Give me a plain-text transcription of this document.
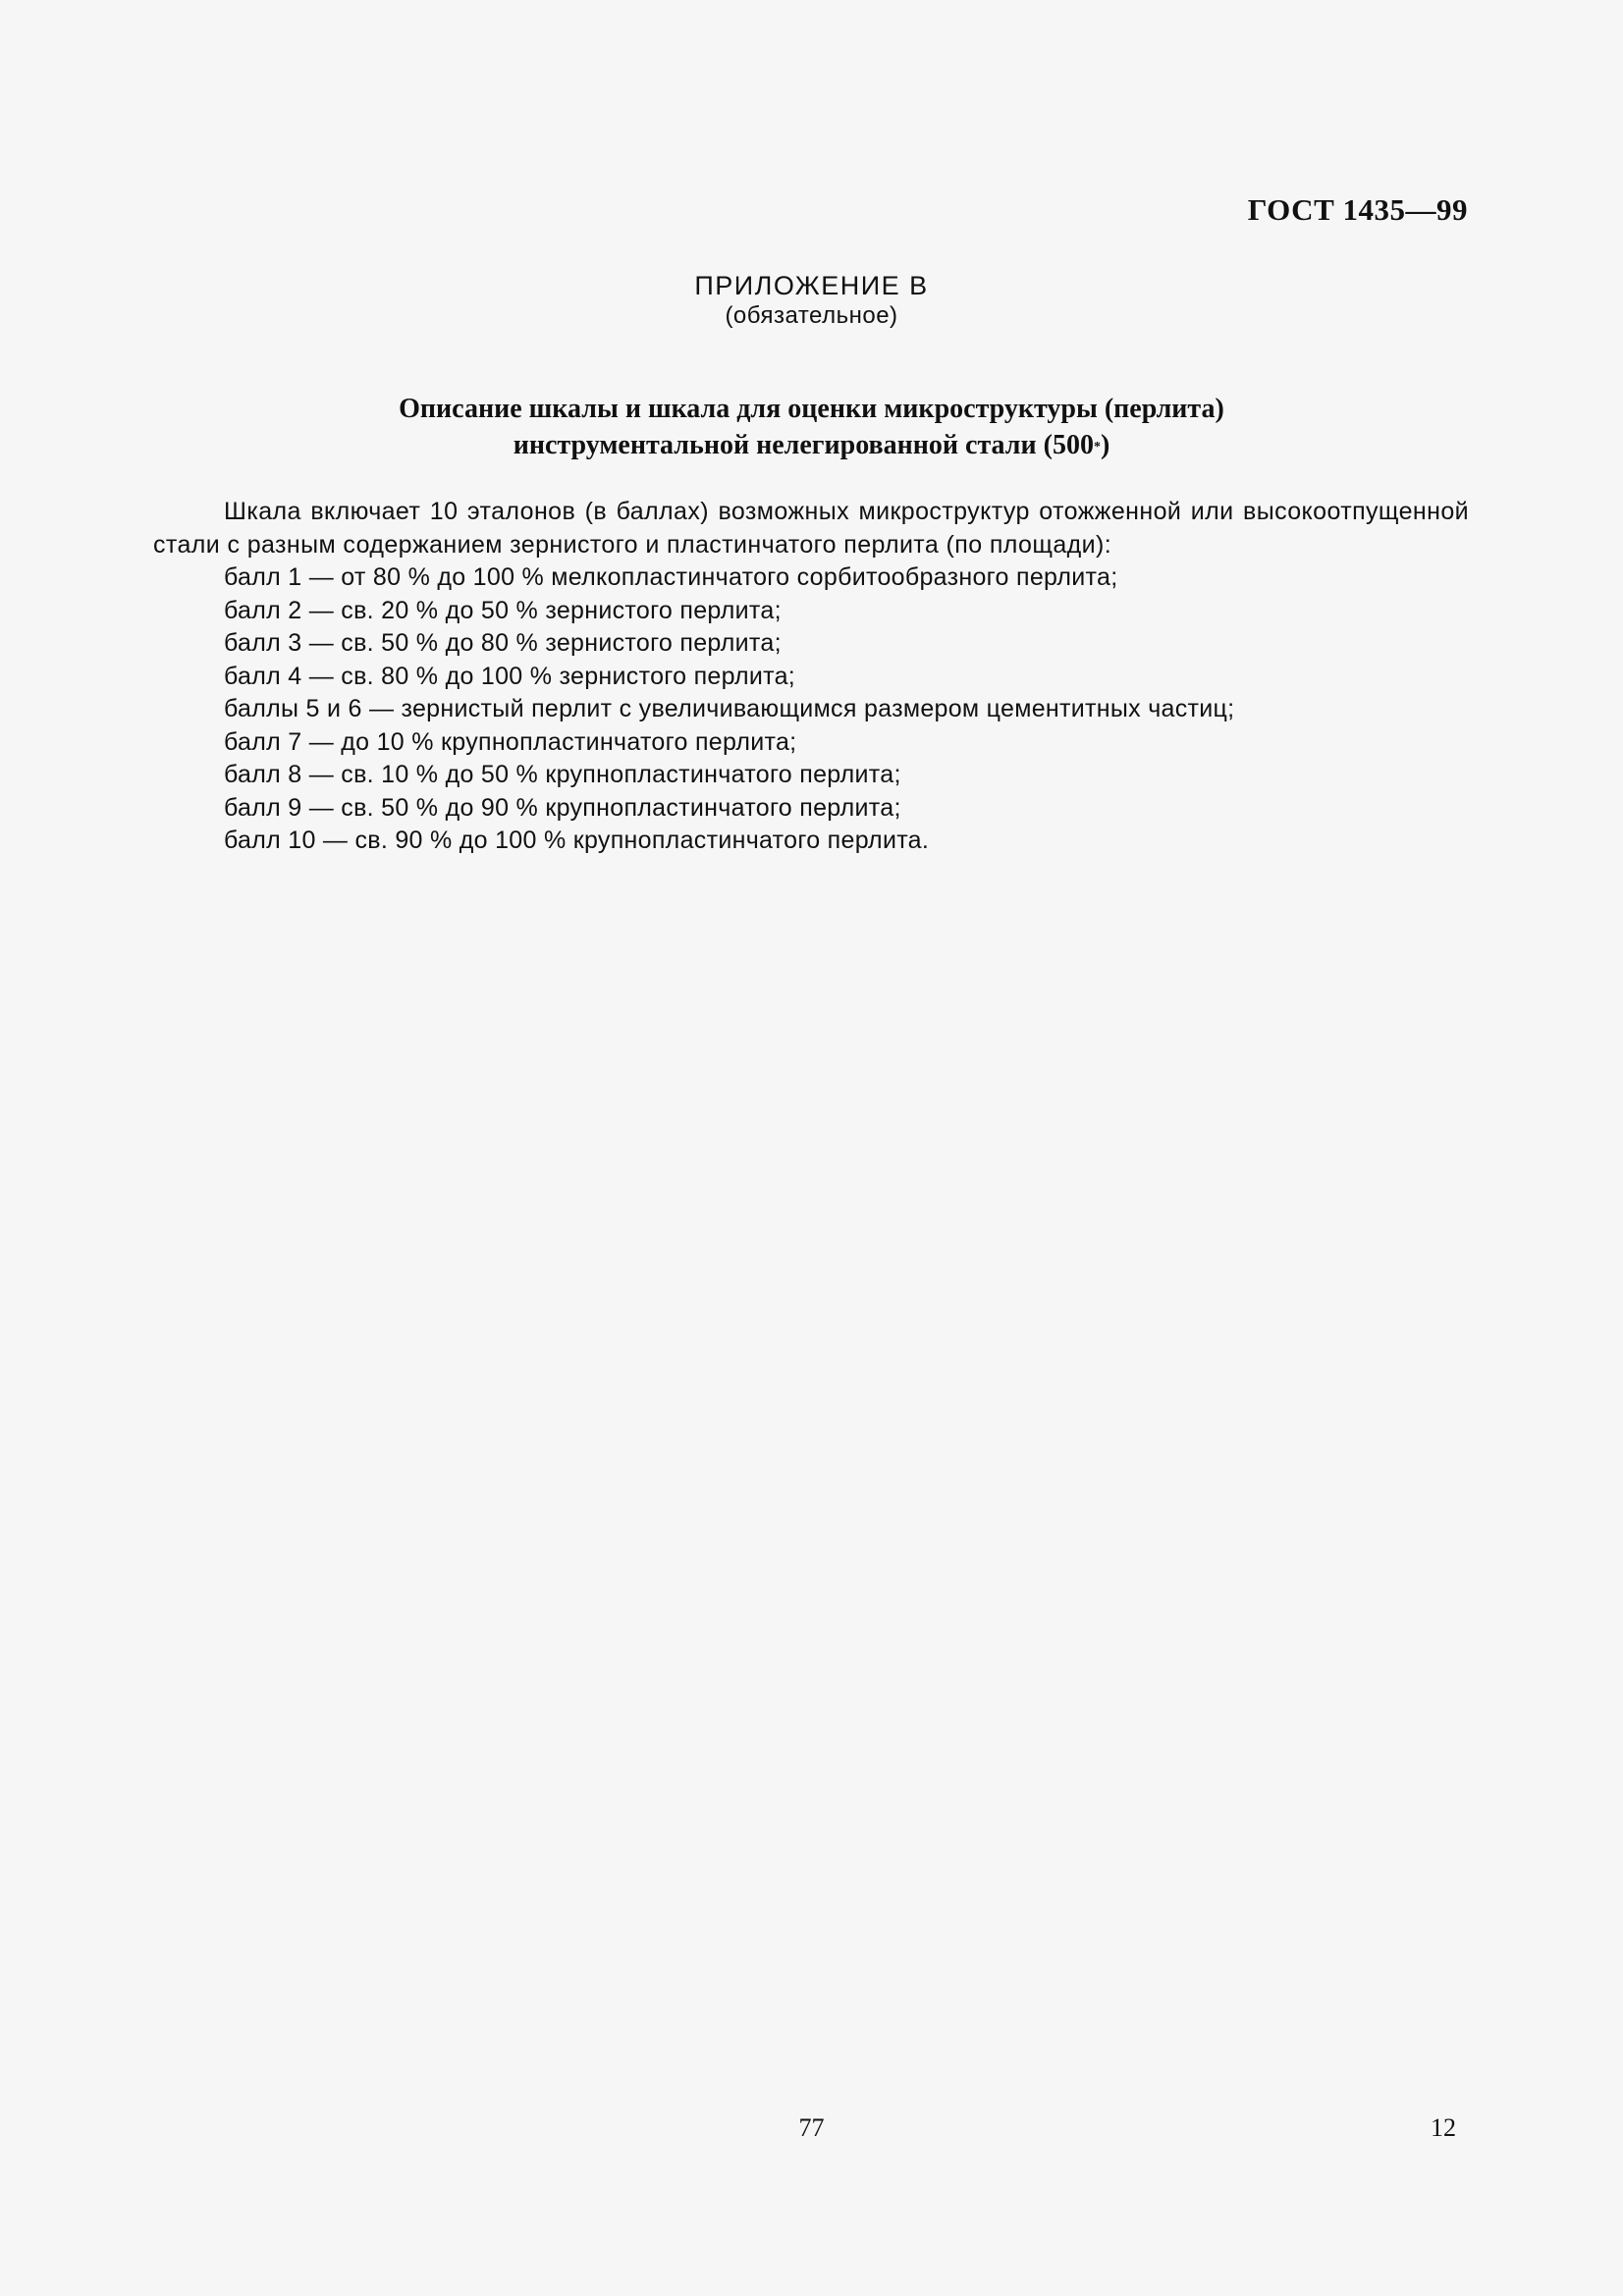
ГОСТ 1435—99
ПРИЛОЖЕНИЕ В
(обязательное)
Описание шкалы и шкала для оценки микроструктуры (перлита)
инструментальной нелегированной стали (500*)

Шкала включает 10 эталонов (в баллах) возможных микроструктур отожженной или высокоотпущенной стали с разным содержанием зернистого и пластинчатого перлита (по площади):

балл 1 — от 80 % до 100 % мелкопластинчатого сорбитообразного перлита;
балл 2 — св. 20 % до 50 % зернистого перлита;
балл 3 — св. 50 % до 80 % зернистого перлита;
балл 4 — св. 80 % до 100 % зернистого перлита;
баллы 5 и 6 — зернистый перлит с увеличивающимся размером цементитных частиц;
балл 7 — до 10 % крупнопластинчатого перлита;
балл 8 — св. 10 % до 50 % крупнопластинчатого перлита;
балл 9 — св. 50 % до 90 % крупнопластинчатого перлита;
балл 10 — св. 90 % до 100 % крупнопластинчатого перлита.
77	12
